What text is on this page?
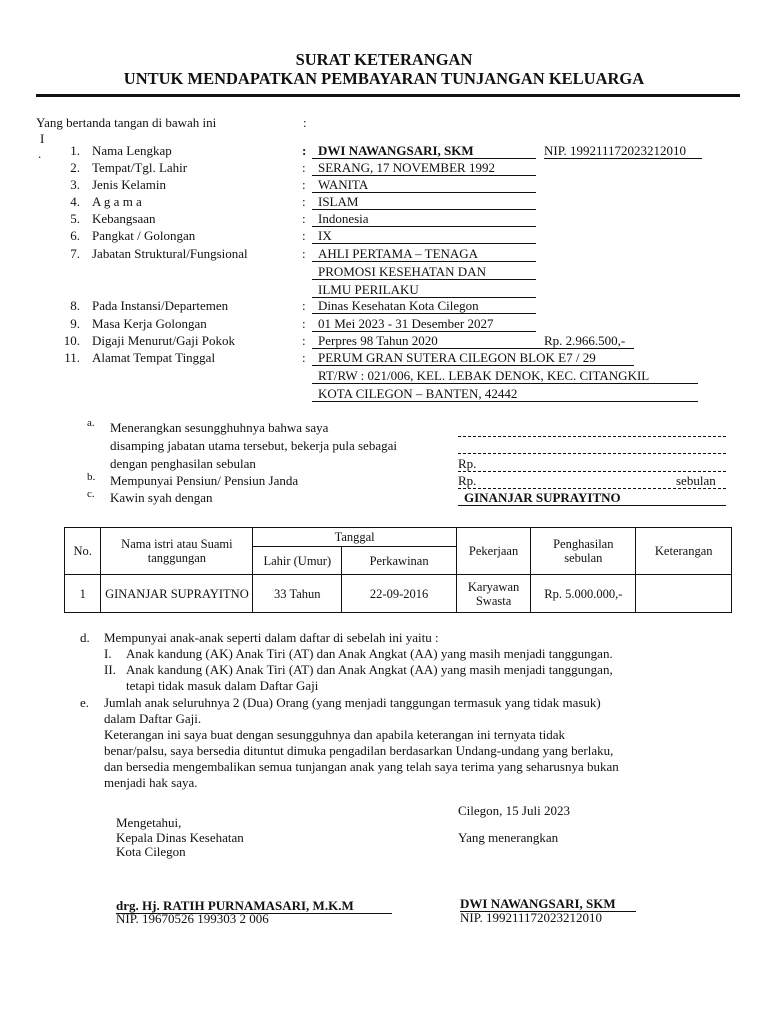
SURAT KETERANGAN
UNTUK MENDAPATKAN PEMBAYARAN TUNJANGAN KELUARGA
Yang bertanda tangan di bawah ini	:
I
.	1. Nama Lengkap	: DWI NAWANGSARI, SKM	NIP. 199211172023212010
2. Tempat/Tgl. Lahir	: SERANG, 17 NOVEMBER 1992
3. Jenis Kelamin	: WANITA
4. A g a m a	: ISLAM
5. Kebangsaan	: Indonesia
6. Pangkat / Golongan	: IX
7. Jabatan Struktural/Fungsional	: AHLI PERTAMA – TENAGA
PROMOSI KESEHATAN DAN
ILMU PERILAKU
8. Pada Instansi/Departemen	: Dinas Kesehatan Kota Cilegon
9. Masa Kerja Golongan	: 01 Mei 2023 - 31 Desember 2027
10. Digaji Menurut/Gaji Pokok	: Perpres 98 Tahun 2020	Rp. 2.966.500,-
11. Alamat Tempat Tinggal	: PERUM GRAN SUTERA CILEGON BLOK E7 / 29
RT/RW : 021/006, KEL. LEBAK DENOK, KEC. CITANGKIL
KOTA CILEGON – BANTEN, 42442
a. Menerangkan sesungghuhnya bahwa saya
disamping jabatan utama tersebut, bekerja pula sebagai
dengan penghasilan sebulan	Rp.
b. Mempunyai Pensiun/ Pensiun Janda	Rp.	sebulan
c. Kawin syah dengan	GINANJAR SUPRAYITNO
No.	Nama istri atau Suami tanggungan	Tanggal		Pekerjaan	Penghasilan sebulan	Keterangan
		Lahir (Umur)	Perkawinan			
1	GINANJAR SUPRAYITNO	33 Tahun	22-09-2016	Karyawan Swasta	Rp. 5.000.000,-	
d. Mempunyai anak-anak seperti dalam daftar di sebelah ini yaitu :
I. Anak kandung (AK) Anak Tiri (AT) dan Anak Angkat (AA) yang masih menjadi tanggungan.
II. Anak kandung (AK) Anak Tiri (AT) dan Anak Angkat (AA) yang masih menjadi tanggungan,
tetapi tidak masuk dalam Daftar Gaji
e. Jumlah anak seluruhnya 2 (Dua) Orang (yang menjadi tanggungan termasuk yang tidak masuk)
dalam Daftar Gaji.
Keterangan ini saya buat dengan sesungguhnya dan apabila keterangan ini ternyata tidak
benar/palsu, saya bersedia dituntut dimuka pengadilan berdasarkan Undang-undang yang berlaku,
dan bersedia mengembalikan semua tunjangan anak yang telah saya terima yang seharusnya bukan
menjadi hak saya.
Cilegon, 15 Juli 2023
Mengetahui,
Kepala Dinas Kesehatan	Yang menerangkan
Kota Cilegon
drg. Hj. RATIH PURNAMASARI, M.K.M
NIP. 19670526 199303 2 006
DWI NAWANGSARI, SKM
NIP. 199211172023212010
